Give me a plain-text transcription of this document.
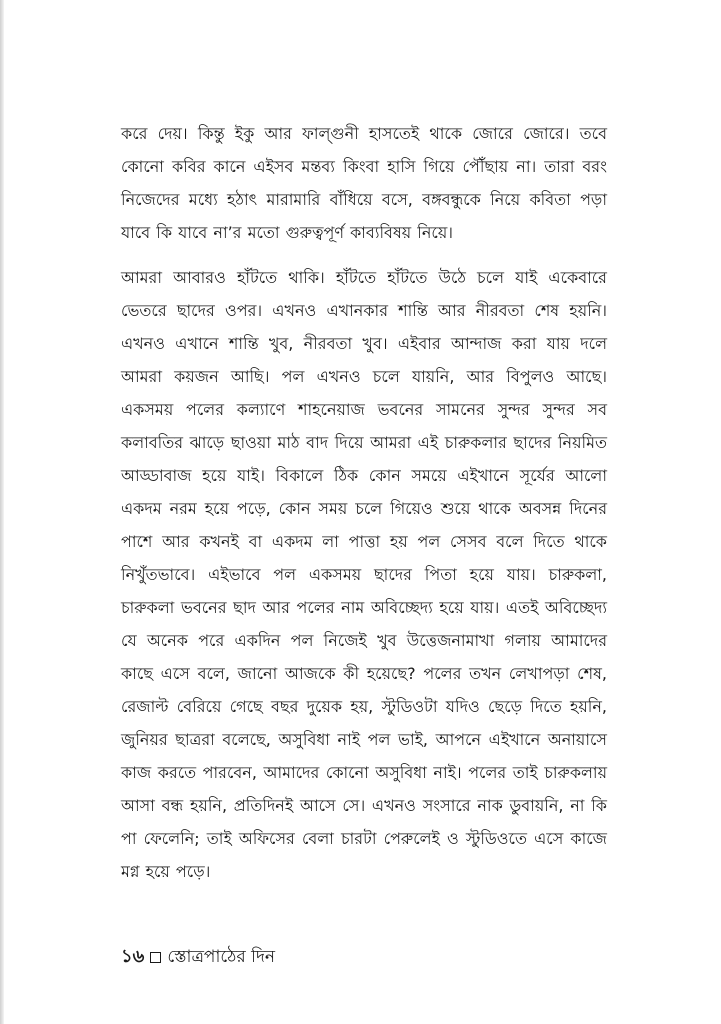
করে দেয়। কিন্তু ইকু আর ফাল্গুনী হাসতেই থাকে জোরে জোরে। তবে কোনো কবির কানে এইসব মন্তব্য কিংবা হাসি গিয়ে পৌঁছায় না। তারা বরং নিজেদের মধ্যে হঠাৎ মারামারি বাঁধিয়ে বসে, বঙ্গবন্ধুকে নিয়ে কবিতা পড়া যাবে কি যাবে না’র মতো গুরুত্বপূর্ণ কাব্যবিষয় নিয়ে।

আমরা আবারও হাঁটতে থাকি। হাঁটতে হাঁটতে উঠে চলে যাই একেবারে ভেতরে ছাদের ওপর। এখনও এখানকার শান্তি আর নীরবতা শেষ হয়নি। এখনও এখানে শান্তি খুব, নীরবতা খুব। এইবার আন্দাজ করা যায় দলে আমরা কয়জন আছি। পল এখনও চলে যায়নি, আর বিপুলও আছে। একসময় পলের কল্যাণে শাহনেয়াজ ভবনের সামনের সুন্দর সুন্দর সব কলাবতির ঝাড়ে ছাওয়া মাঠ বাদ দিয়ে আমরা এই চারুকলার ছাদের নিয়মিত আড্ডাবাজ হয়ে যাই। বিকালে ঠিক কোন সময়ে এইখানে সূর্যের আলো একদম নরম হয়ে পড়ে, কোন সময় চলে গিয়েও শুয়ে থাকে অবসন্ন দিনের পাশে আর কখনই বা একদম লা পাত্তা হয় পল সেসব বলে দিতে থাকে নিখুঁতভাবে। এইভাবে পল একসময় ছাদের পিতা হয়ে যায়। চারুকলা, চারুকলা ভবনের ছাদ আর পলের নাম অবিচ্ছেদ্য হয়ে যায়। এতই অবিচ্ছেদ্য যে অনেক পরে একদিন পল নিজেই খুব উত্তেজনামাখা গলায় আমাদের কাছে এসে বলে, জানো আজকে কী হয়েছে? পলের তখন লেখাপড়া শেষ, রেজাল্ট বেরিয়ে গেছে বছর দুয়েক হয়, স্টুডিওটা যদিও ছেড়ে দিতে হয়নি, জুনিয়র ছাত্ররা বলেছে, অসুবিধা নাই পল ভাই, আপনে এইখানে অনায়াসে কাজ করতে পারবেন, আমাদের কোনো অসুবিধা নাই। পলের তাই চারুকলায় আসা বন্ধ হয়নি, প্রতিদিনই আসে সে। এখনও সংসারে নাক ডুবায়নি, না কি পা ফেলেনি; তাই অফিসের বেলা চারটা পেরুলেই ও স্টুডিওতে এসে কাজে মগ্ন হয়ে পড়ে।

১৬ স্তোত্রপাঠের দিন
